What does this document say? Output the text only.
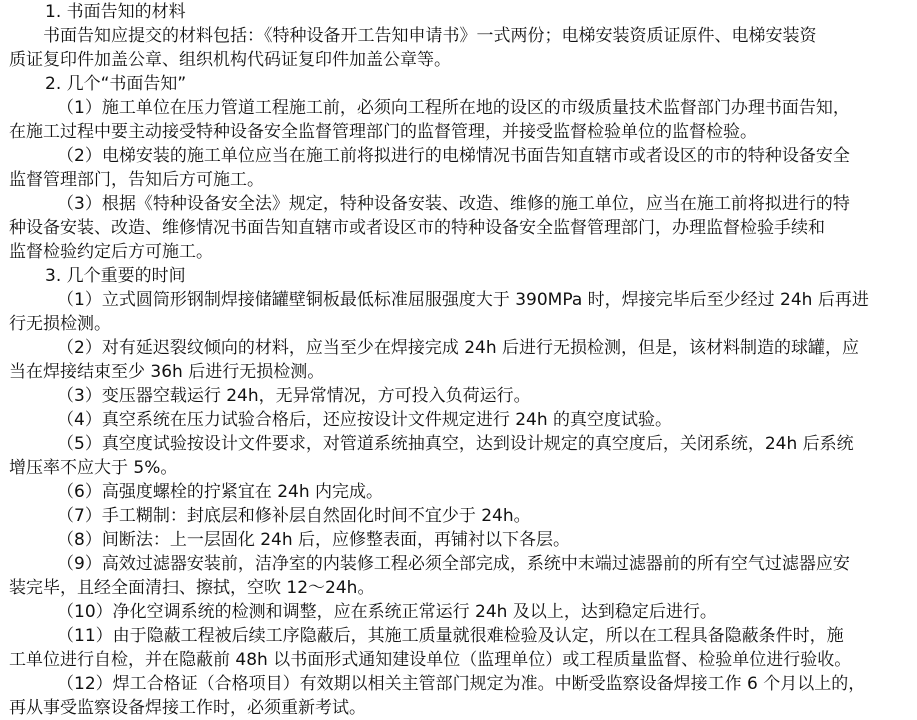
1. 书面告知的材料
书面告知应提交的材料包括：《特种设备开工告知申请书》一式两份；电梯安装资质证原件、电梯安装资
质证复印件加盖公章、组织机构代码证复印件加盖公章等。
2. 几个“书面告知”
（1）施工单位在压力管道工程施工前，必须向工程所在地的设区的市级质量技术监督部门办理书面告知，
在施工过程中要主动接受特种设备安全监督管理部门的监督管理，并接受监督检验单位的监督检验。
（2）电梯安装的施工单位应当在施工前将拟进行的电梯情况书面告知直辖市或者设区的市的特种设备安全
监督管理部门，告知后方可施工。
（3）根据《特种设备安全法》规定，特种设备安装、改造、维修的施工单位，应当在施工前将拟进行的特
种设备安装、改造、维修情况书面告知直辖市或者设区市的特种设备安全监督管理部门，办理监督检验手续和
监督检验约定后方可施工。
3. 几个重要的时间
（1）立式圆筒形钢制焊接储罐壁铜板最低标准屈服强度大于 390MPa 时，焊接完毕后至少经过 24h 后再进
行无损检测。
（2）对有延迟裂纹倾向的材料，应当至少在焊接完成 24h 后进行无损检测，但是，该材料制造的球罐，应
当在焊接结束至少 36h 后进行无损检测。
（3）变压器空载运行 24h，无异常情况，方可投入负荷运行。
（4）真空系统在压力试验合格后，还应按设计文件规定进行 24h 的真空度试验。
（5）真空度试验按设计文件要求，对管道系统抽真空，达到设计规定的真空度后，关闭系统，24h 后系统
增压率不应大于 5%。
（6）高强度螺栓的拧紧宜在 24h 内完成。
（7）手工糊制：封底层和修补层自然固化时间不宜少于 24h。
（8）间断法：上一层固化 24h 后，应修整表面，再铺衬以下各层。
（9）高效过滤器安装前，洁净室的内装修工程必须全部完成，系统中末端过滤器前的所有空气过滤器应安
装完毕，且经全面清扫、擦拭，空吹 12～24h。
（10）净化空调系统的检测和调整，应在系统正常运行 24h 及以上，达到稳定后进行。
（11）由于隐蔽工程被后续工序隐蔽后，其施工质量就很难检验及认定，所以在工程具备隐蔽条件时，施
工单位进行自检，并在隐蔽前 48h 以书面形式通知建设单位（监理单位）或工程质量监督、检验单位进行验收。
（12）焊工合格证（合格项目）有效期以相关主管部门规定为准。中断受监察设备焊接工作 6 个月以上的，
再从事受监察设备焊接工作时，必须重新考试。
